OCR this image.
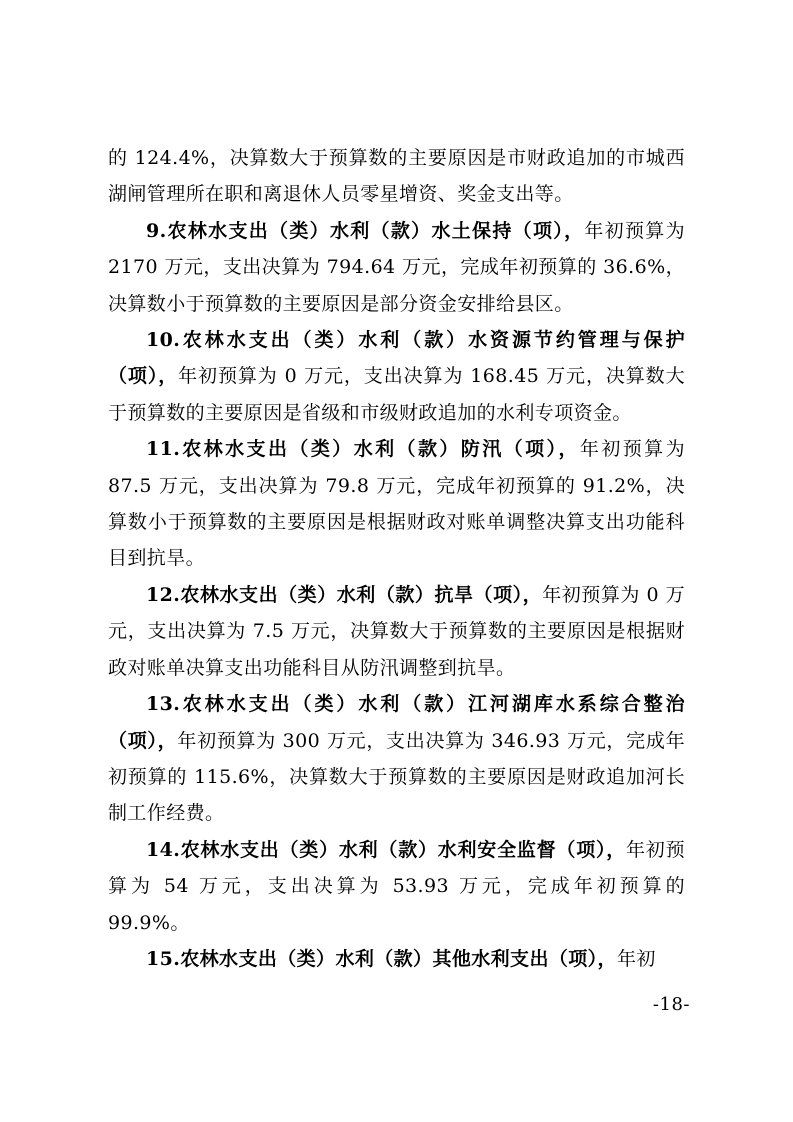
的 124.4%，决算数大于预算数的主要原因是市财政追加的市城西湖闸管理所在职和离退休人员零星增资、奖金支出等。

9.农林水支出（类）水利（款）水土保持（项），年初预算为 2170 万元，支出决算为 794.64 万元，完成年初预算的 36.6%，决算数小于预算数的主要原因是部分资金安排给县区。

10.农林水支出（类）水利（款）水资源节约管理与保护（项），年初预算为 0 万元，支出决算为 168.45 万元，决算数大于预算数的主要原因是省级和市级财政追加的水利专项资金。

11.农林水支出（类）水利（款）防汛（项），年初预算为 87.5 万元，支出决算为 79.8 万元，完成年初预算的 91.2%，决算数小于预算数的主要原因是根据财政对账单调整决算支出功能科目到抗旱。

12.农林水支出（类）水利（款）抗旱（项），年初预算为 0 万元，支出决算为 7.5 万元，决算数大于预算数的主要原因是根据财政对账单决算支出功能科目从防汛调整到抗旱。

13.农林水支出（类）水利（款）江河湖库水系综合整治（项），年初预算为 300 万元，支出决算为 346.93 万元，完成年初预算的 115.6%，决算数大于预算数的主要原因是财政追加河长制工作经费。

14.农林水支出（类）水利（款）水利安全监督（项），年初预算为 54 万元，支出决算为 53.93 万元，完成年初预算的 99.9%。

15.农林水支出（类）水利（款）其他水利支出（项），年初

-18-
